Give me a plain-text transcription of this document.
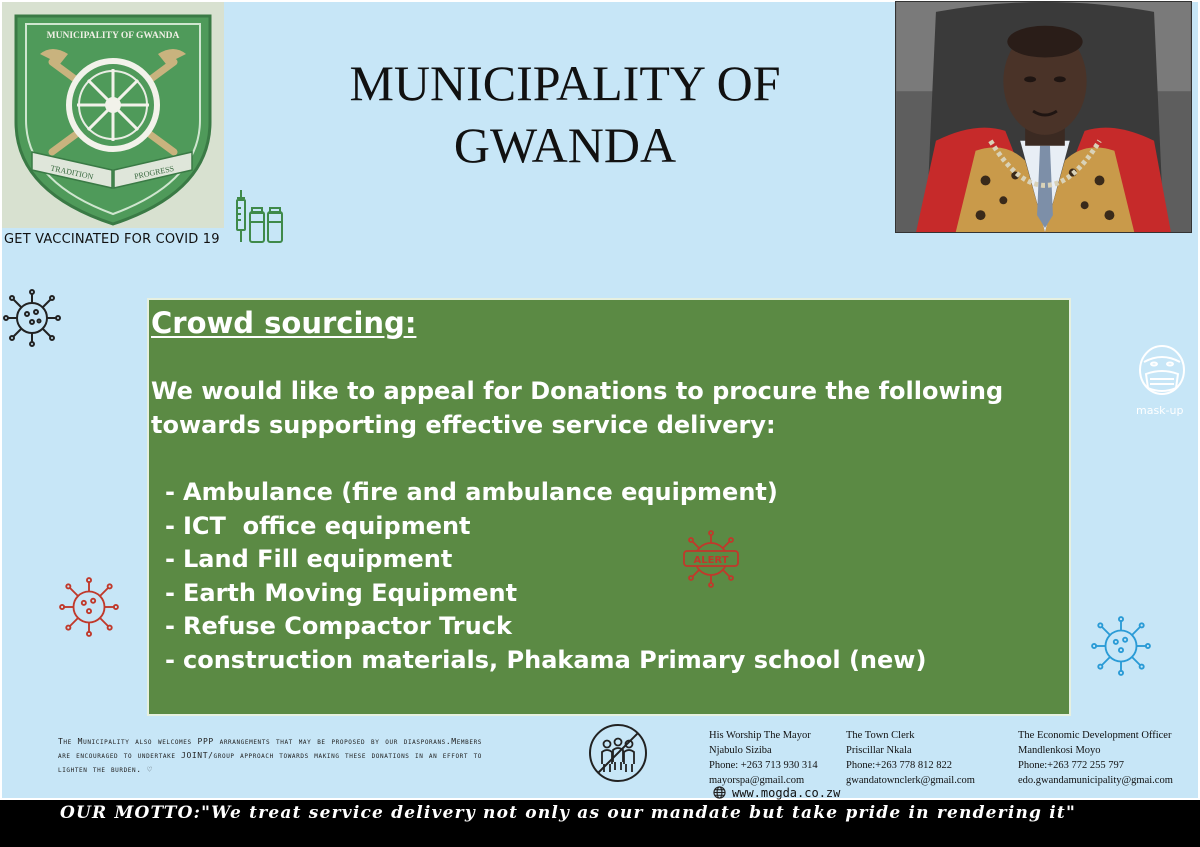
MUNICIPALITY OF GWANDA
TRADITION	PROGRESS
GET VACCINATED FOR COVID 19
MUNICIPALITY OF
GWANDA
mask-up
Crowd sourcing:
We would like to appeal for Donations to procure the following towards supporting effective service delivery:
- Ambulance (fire and ambulance equipment)
- ICT  office equipment
- Land Fill equipment
- Earth Moving Equipment
- Refuse Compactor Truck
- construction materials, Phakama Primary school (new)
ALERT
The Municipality also welcomes PPP arrangements that may be proposed by our diasporans.Members are encouraged to undertake JOINT/group approach towards making these donations in an effort to lighten the burden. ♡
His Worship The Mayor
Njabulo Siziba
Phone: +263 713 930 314
mayorspa@gmail.com
The Town Clerk
Priscillar Nkala
Phone:+263 778 812 822
gwandatownclerk@gmail.com
The Economic Development Officer
Mandlenkosi Moyo
Phone:+263 772 255 797
edo.gwandamunicipality@gmai.com
www.mogda.co.zw
OUR MOTTO:"We treat service delivery not only as our mandate but take pride in rendering it"
